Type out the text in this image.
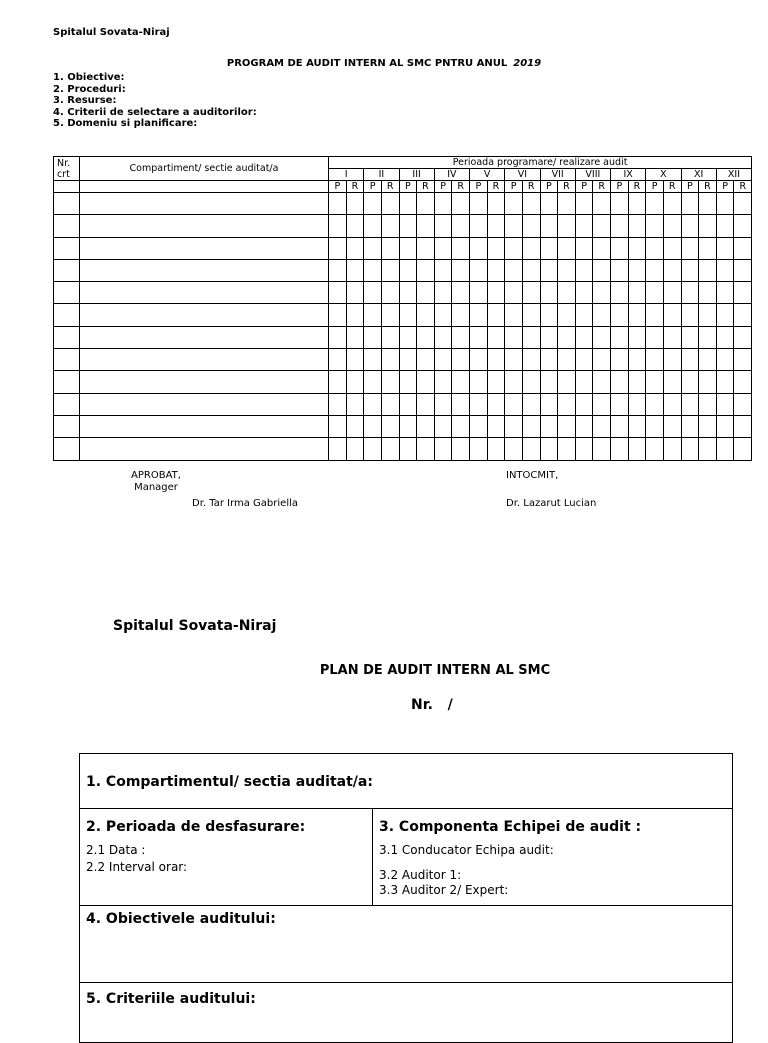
Spitalul Sovata-Niraj
PROGRAM DE AUDIT INTERN AL SMC PNTRU ANUL 2019
1. Obiective:
2. Proceduri:
3. Resurse:
4. Criterii de selectare a auditorilor:
5. Domeniu si planificare:
Nr.
crt	Compartiment/ sectie auditat/a	Perioada programare/ realizare audit																							
		I		II		III		IV		V		VI		VII		VIII		IX		X		XI		XII	
		P	R	P	R	P	R	P	R	P	R	P	R	P	R	P	R	P	R	P	R	P	R	P	R

APROBAT,
Manager
Dr. Tar Irma Gabriella
INTOCMIT,
Dr. Lazarut Lucian
Spitalul Sovata-Niraj
PLAN DE AUDIT INTERN AL SMC
Nr.   /
1. Compartimentul/ sectia auditat/a:
2. Perioada de desfasurare:
2.1 Data :
2.2 Interval orar:
3. Componenta Echipei de audit :
3.1 Conducator Echipa audit:
3.2 Auditor 1:
3.3 Auditor 2/ Expert:
4. Obiectivele auditului:
5. Criteriile auditului:
